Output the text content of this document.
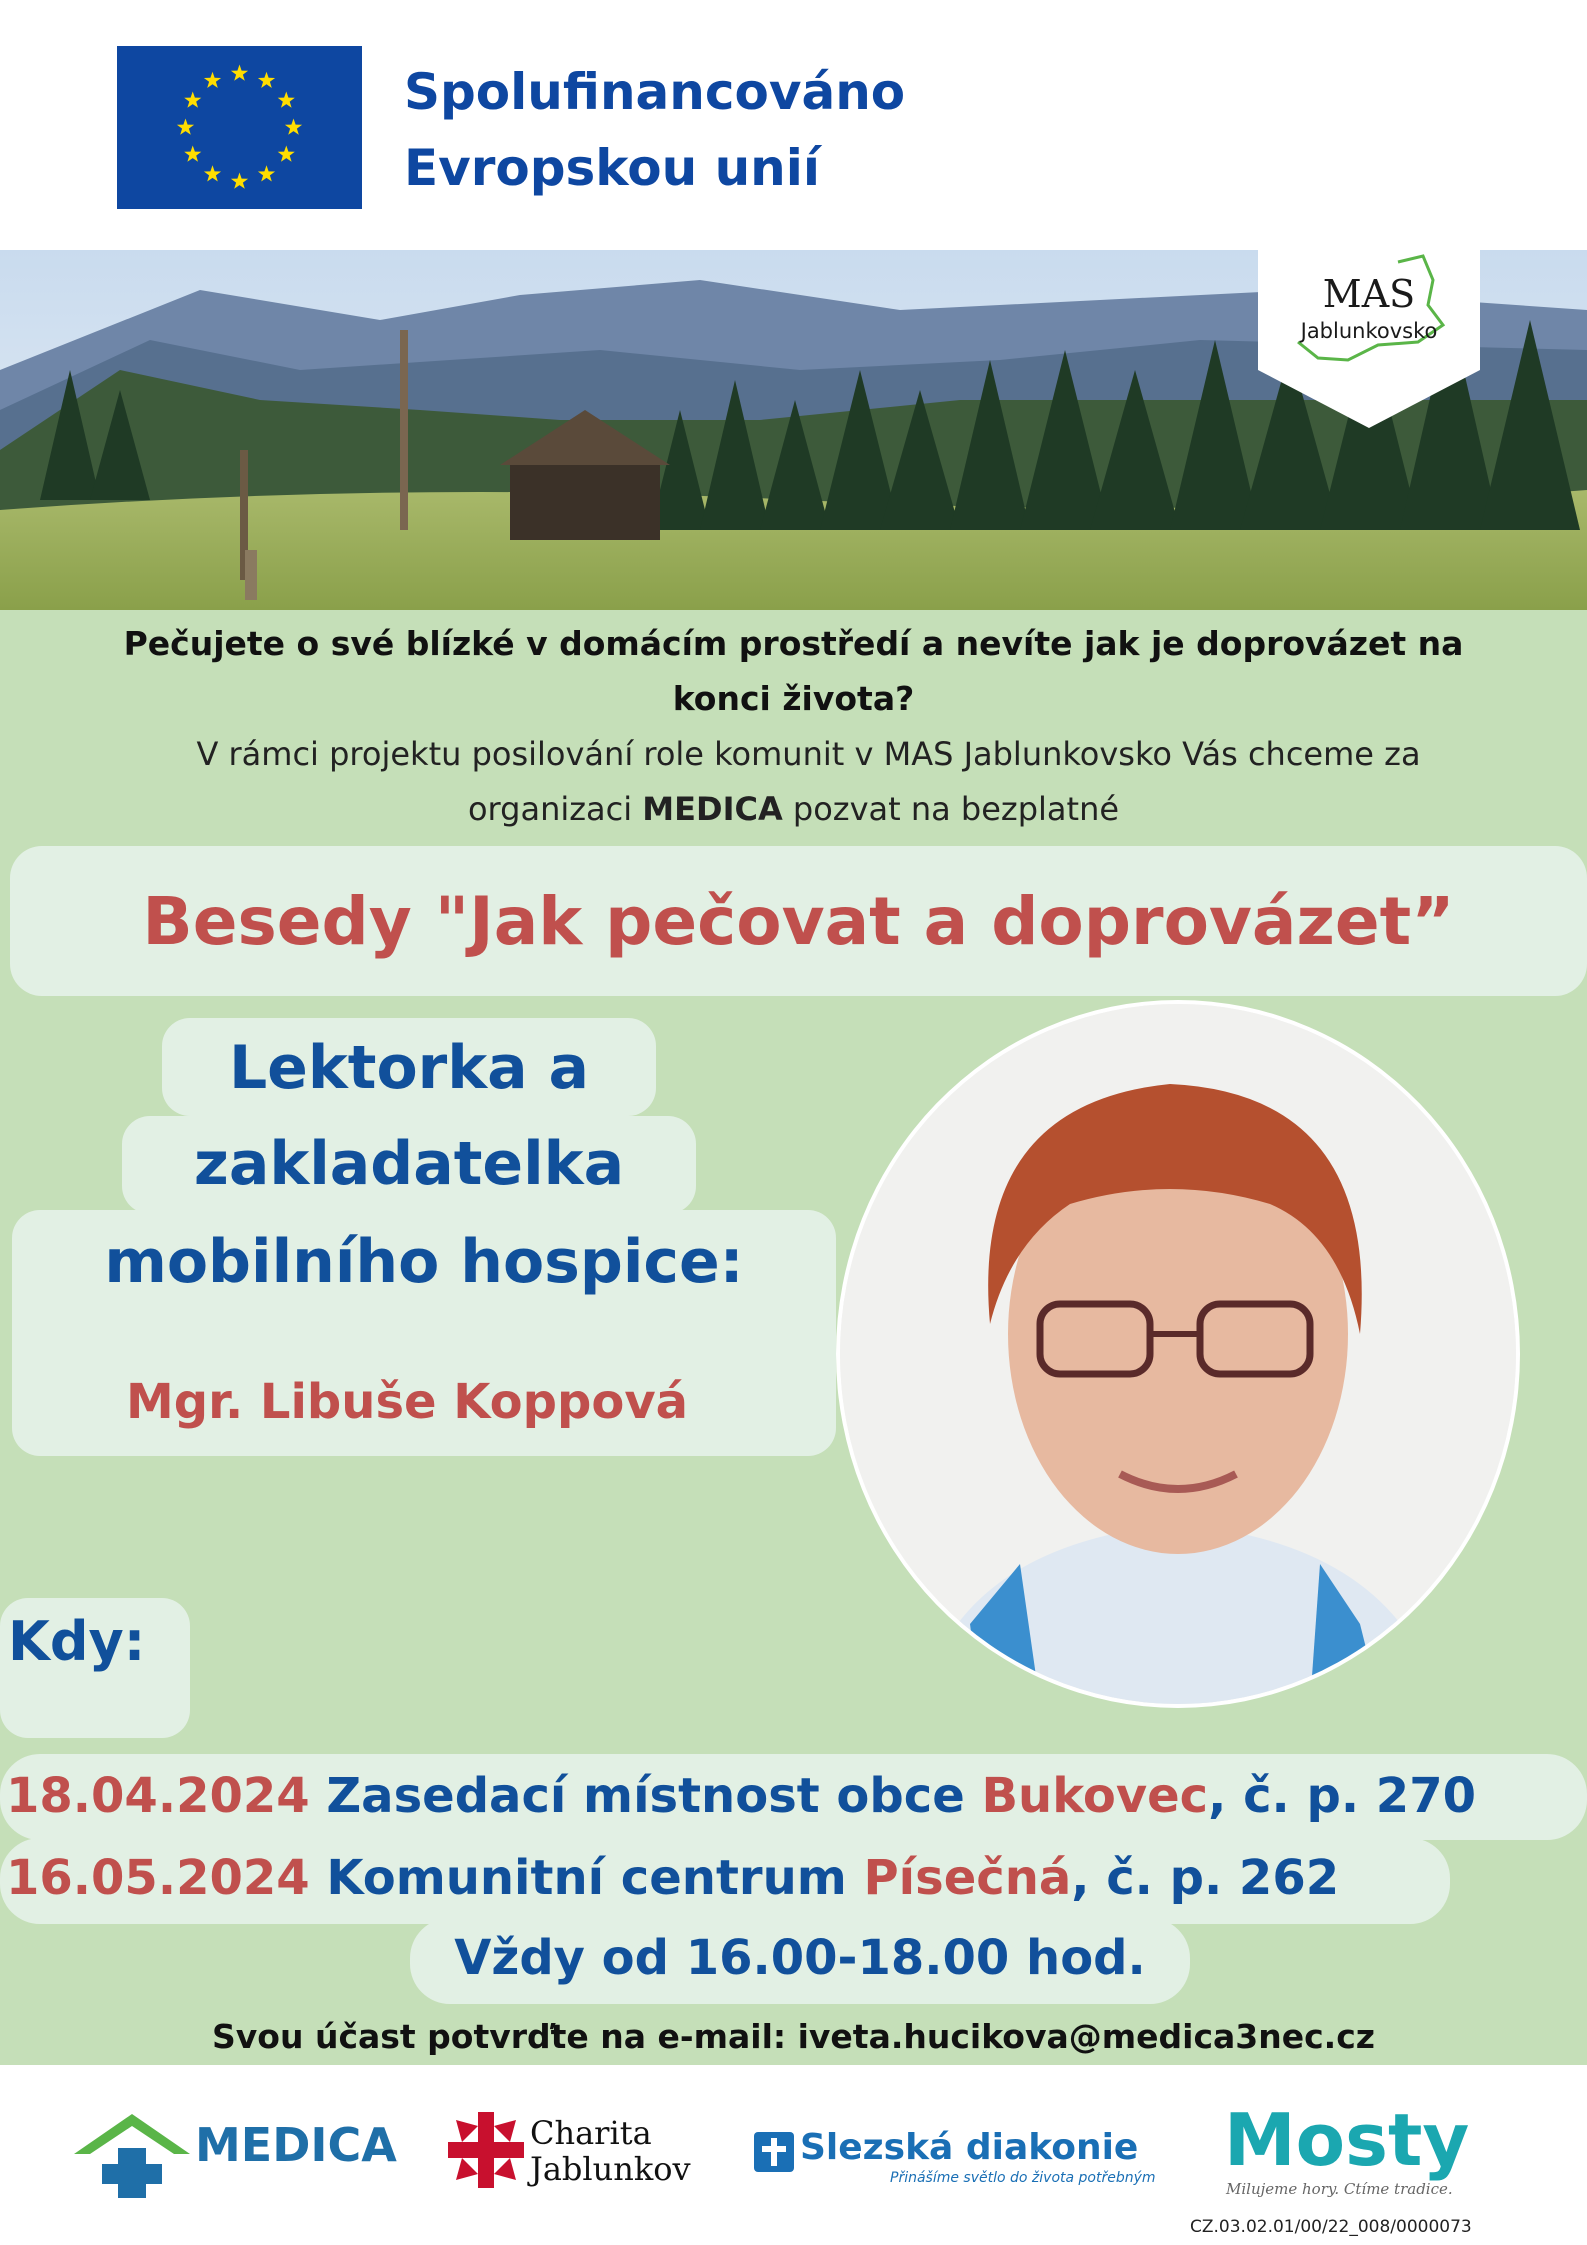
Spolufinancováno
Evropskou unií
MAS
Jablunkovsko
Pečujete o své blízké v domácím prostředí a nevíte jak je doprovázet na
konci života?
V rámci projektu posilování role komunit v MAS Jablunkovsko Vás chceme za
organizaci MEDICA pozvat na bezplatné
Besedy "Jak pečovat a doprovázet”
Lektorka a
zakladatelka
mobilního hospice:
Mgr. Libuše Koppová
Kdy:
18.04.2024 Zasedací místnost obce Bukovec, č. p. 270
16.05.2024 Komunitní centrum Písečná, č. p. 262
Vždy od 16.00-18.00 hod.
Svou účast potvrďte na e-mail: iveta.hucikova@medica3nec.cz
MEDICA	Charita
Jablunkov
Slezská diakonie
Přinášíme světlo do života potřebným Mosty
Milujeme hory. Ctíme tradice.
CZ.03.02.01/00/22_008/0000073
